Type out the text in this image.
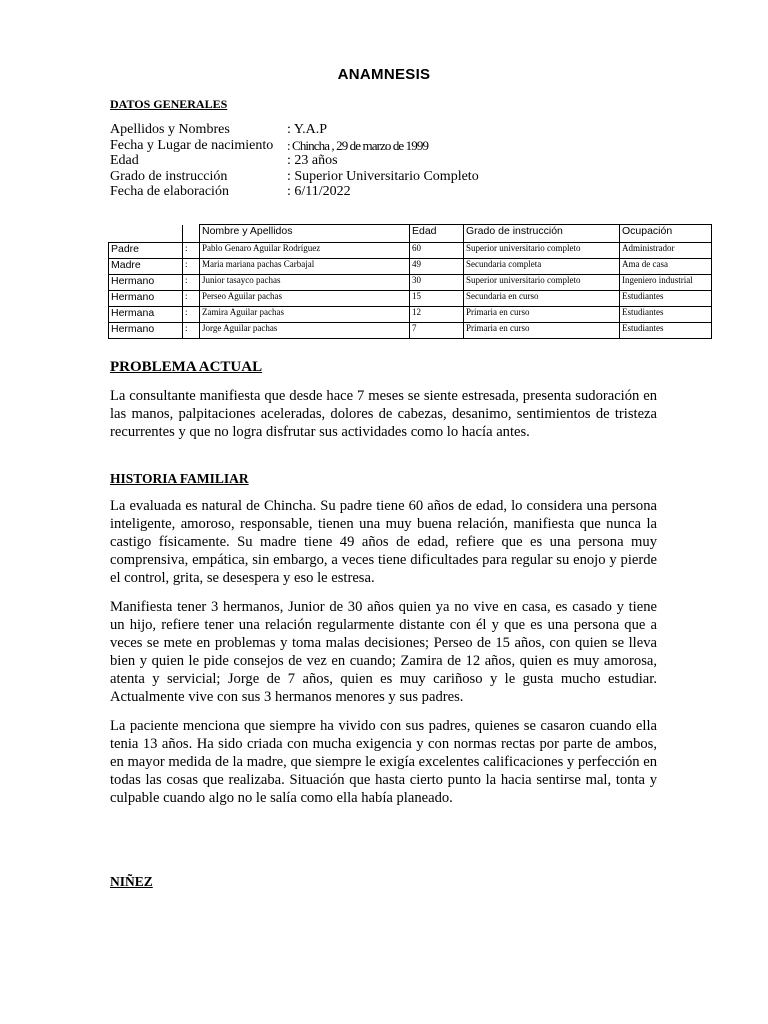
ANAMNESIS
DATOS GENERALES
Apellidos y Nombres	: Y.A.P
Fecha y Lugar de nacimiento : Chincha , 29 de marzo de 1999
Edad	: 23 años
Grado de instrucción	: Superior Universitario Completo
Fecha de elaboración	: 6/11/2022
		Nombre y Apellidos	Edad	Grado de instrucción	Ocupación
Padre	:	Pablo Genaro Aguilar Rodríguez	60	Superior universitario completo	Administrador
Madre	:	Maria mariana pachas Carbajal	49	Secundaria completa	Ama de casa
Hermano	:	Junior tasayco pachas	30	Superior universitario completo	Ingeniero industrial
Hermano	:	Perseo Aguilar pachas	15	Secundaria en curso	Estudiantes
Hermana	:	Zamira Aguilar pachas	12	Primaria en curso	Estudiantes
Hermano	:	Jorge Aguilar pachas	7	Primaria en curso	Estudiantes
PROBLEMA ACTUAL
La consultante manifiesta que desde hace 7 meses se siente estresada, presenta sudoración en las manos, palpitaciones aceleradas, dolores de cabezas, desanimo, sentimientos de tristeza recurrentes y que no logra disfrutar sus actividades como lo hacía antes.
HISTORIA FAMILIAR
La evaluada es natural de Chincha. Su padre tiene 60 años de edad, lo considera una persona inteligente, amoroso, responsable, tienen una muy buena relación, manifiesta que nunca la castigo físicamente. Su madre tiene 49 años de edad, refiere que es una persona muy comprensiva, empática, sin embargo, a veces tiene dificultades para regular su enojo y pierde el control, grita, se desespera y eso le estresa.
Manifiesta tener 3 hermanos, Junior de 30 años quien ya no vive en casa, es casado y tiene un hijo, refiere tener una relación regularmente distante con él y que es una persona que a veces se mete en problemas y toma malas decisiones; Perseo de 15 años, con quien se lleva bien y quien le pide consejos de vez en cuando; Zamira de 12 años, quien es muy amorosa, atenta y servicial; Jorge de 7 años, quien es muy cariñoso y le gusta mucho estudiar. Actualmente vive con sus 3 hermanos menores y sus padres.
La paciente menciona que siempre ha vivido con sus padres, quienes se casaron cuando ella tenia 13 años. Ha sido criada con mucha exigencia y con normas rectas por parte de ambos, en mayor medida de la madre, que siempre le exigía excelentes calificaciones y perfección en todas las cosas que realizaba. Situación que hasta cierto punto la hacia sentirse mal, tonta y culpable cuando algo no le salía como ella había planeado.
NIÑEZ
